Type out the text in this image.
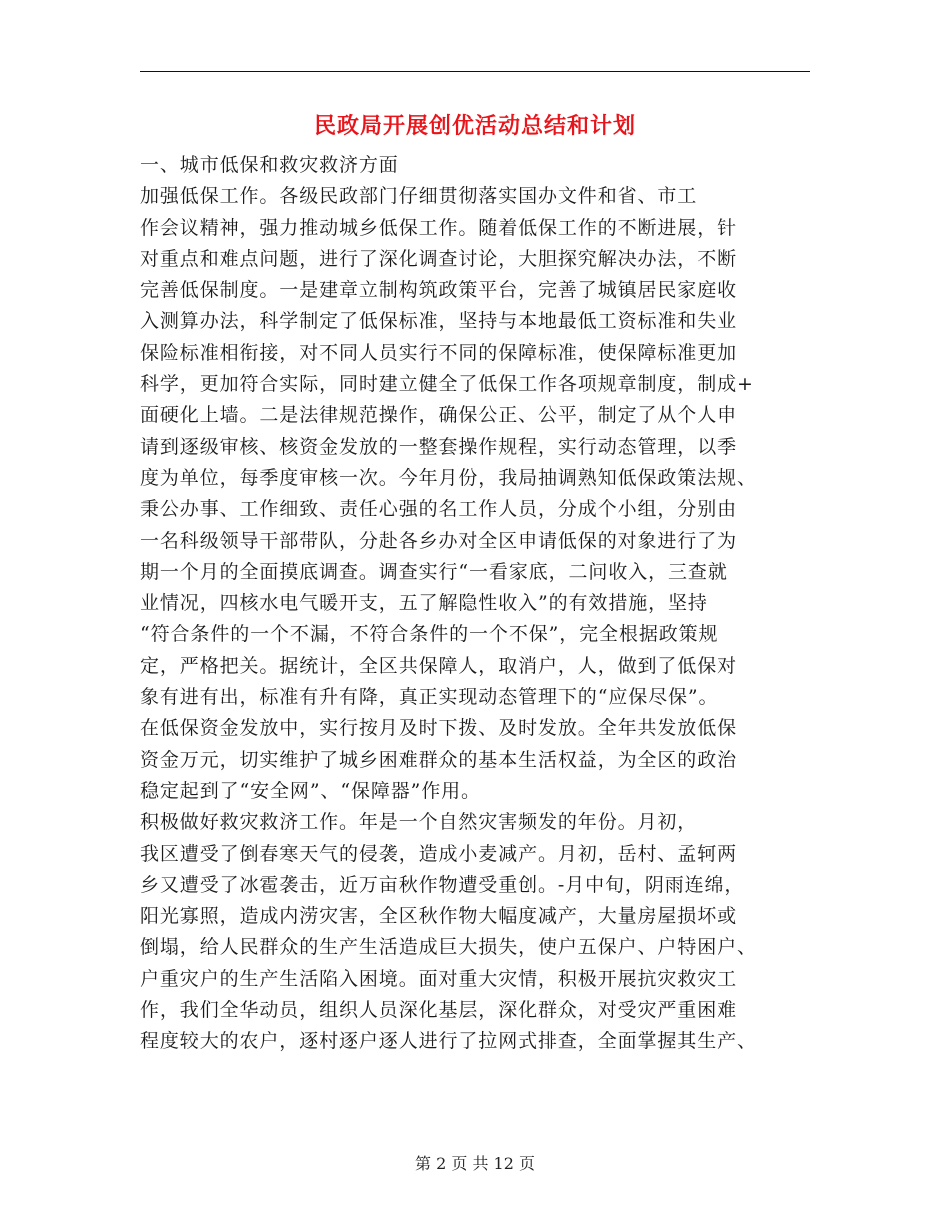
民政局开展创优活动总结和计划
一、城市低保和救灾救济方面
加强低保工作。各级民政部门仔细贯彻落实国办文件和省、市工
作会议精神，强力推动城乡低保工作。随着低保工作的不断进展，针
对重点和难点问题，进行了深化调查讨论，大胆探究解决办法，不断
完善低保制度。一是建章立制构筑政策平台，完善了城镇居民家庭收
入测算办法，科学制定了低保标准，坚持与本地最低工资标准和失业
保险标准相衔接，对不同人员实行不同的保障标准，使保障标准更加
科学，更加符合实际，同时建立健全了低保工作各项规章制度，制成+
面硬化上墙。二是法律规范操作，确保公正、公平，制定了从个人申
请到逐级审核、核资金发放的一整套操作规程，实行动态管理，以季
度为单位，每季度审核一次。今年月份，我局抽调熟知低保政策法规、
秉公办事、工作细致、责任心强的名工作人员，分成个小组，分别由
一名科级领导干部带队，分赴各乡办对全区申请低保的对象进行了为
期一个月的全面摸底调查。调查实行“一看家底，二问收入，三查就
业情况，四核水电气暖开支，五了解隐性收入”的有效措施，坚持
“符合条件的一个不漏，不符合条件的一个不保”，完全根据政策规
定，严格把关。据统计，全区共保障人，取消户，人，做到了低保对
象有进有出，标准有升有降，真正实现动态管理下的“应保尽保”。
在低保资金发放中，实行按月及时下拨、及时发放。全年共发放低保
资金万元，切实维护了城乡困难群众的基本生活权益，为全区的政治
稳定起到了“安全网”、“保障器”作用。
积极做好救灾救济工作。年是一个自然灾害频发的年份。月初，
我区遭受了倒春寒天气的侵袭，造成小麦减产。月初，岳村、孟轲两
乡又遭受了冰雹袭击，近万亩秋作物遭受重创。-月中旬，阴雨连绵，
阳光寡照，造成内涝灾害，全区秋作物大幅度减产，大量房屋损坏或
倒塌，给人民群众的生产生活造成巨大损失，使户五保户、户特困户、
户重灾户的生产生活陷入困境。面对重大灾情，积极开展抗灾救灾工
作，我们全华动员，组织人员深化基层，深化群众，对受灾严重困难
程度较大的农户，逐村逐户逐人进行了拉网式排查，全面掌握其生产、
第 2 页 共 12 页
